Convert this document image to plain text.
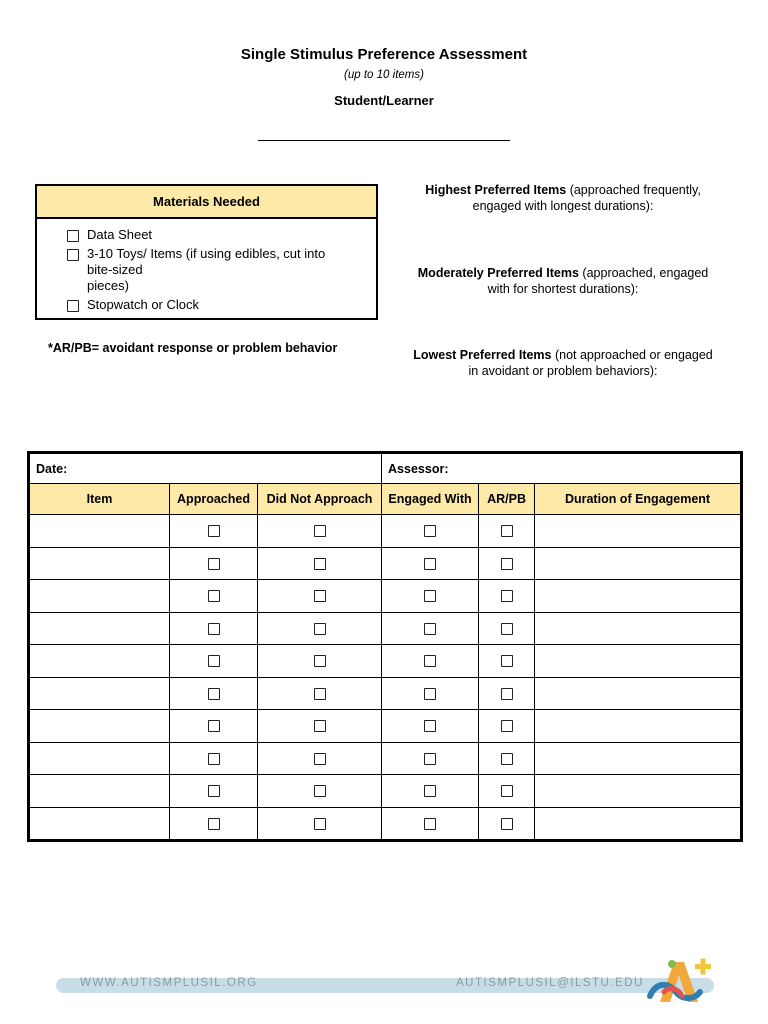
Single Stimulus Preference Assessment
(up to 10 items)
Student/Learner
Materials Needed
Data Sheet
3-10 Toys/ Items (if using edibles, cut into
bite-sized
pieces)
Stopwatch or Clock
*AR/PB= avoidant response or problem behavior
Highest Preferred Items (approached frequently,
engaged with longest durations):
Moderately Preferred Items (approached, engaged
with for shortest durations):
Lowest Preferred Items (not approached or engaged
in avoidant or problem behaviors):
Date:			Assessor:		
Item	Approached	Did Not Approach	Engaged With	AR/PB	Duration of Engagement

WWW.AUTISMPLUSIL.ORG	AUTISMPLUSIL@ILSTU.EDU
